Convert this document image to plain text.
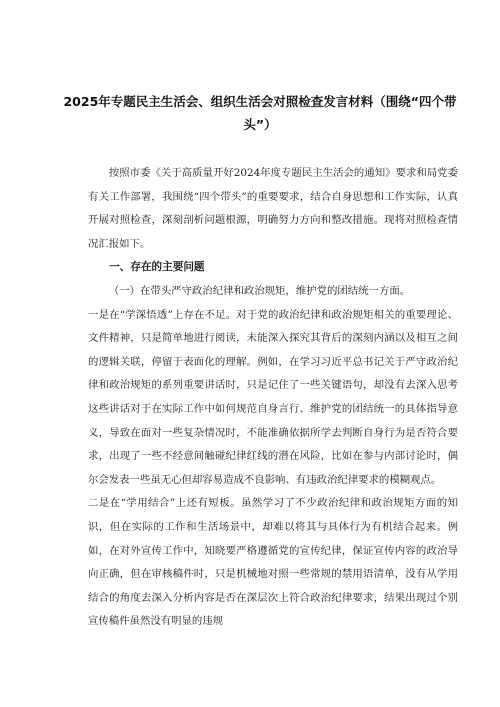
2025年专题民主生活会、组织生活会对照检查发言材料（围绕“四个带头”）

按照市委《关于高质量开好2024年度专题民主生活会的通知》要求和局党委有关工作部署，我围绕“四个带头”的重要要求，结合自身思想和工作实际，认真开展对照检查，深刻剖析问题根源，明确努力方向和整改措施。现将对照检查情况汇报如下。

一、存在的主要问题

（一）在带头严守政治纪律和政治规矩，维护党的团结统一方面。

一是在“学深悟透”上存在不足。对于党的政治纪律和政治规矩相关的重要理论、文件精神，只是简单地进行阅读，未能深入探究其背后的深刻内涵以及相互之间的逻辑关联，停留于表面化的理解。例如，在学习习近平总书记关于严守政治纪律和政治规矩的系列重要讲话时，只是记住了一些关键语句，却没有去深入思考这些讲话对于在实际工作中如何规范自身言行、维护党的团结统一的具体指导意义，导致在面对一些复杂情况时，不能准确依据所学去判断自身行为是否符合要求，出现了一些不经意间触碰纪律红线的潜在风险，比如在参与内部讨论时，偶尔会发表一些虽无心但却容易造成不良影响、有违政治纪律要求的模糊观点。

二是在“学用结合”上还有短板。虽然学习了不少政治纪律和政治规矩方面的知识，但在实际的工作和生活场景中，却难以将其与具体行为有机结合起来。例如，在对外宣传工作中，知晓要严格遵循党的宣传纪律，保证宣传内容的政治导向正确，但在审核稿件时，只是机械地对照一些常规的禁用语清单，没有从学用结合的角度去深入分析内容是否在深层次上符合政治纪律要求，结果出现过个别宣传稿件虽然没有明显的违规
